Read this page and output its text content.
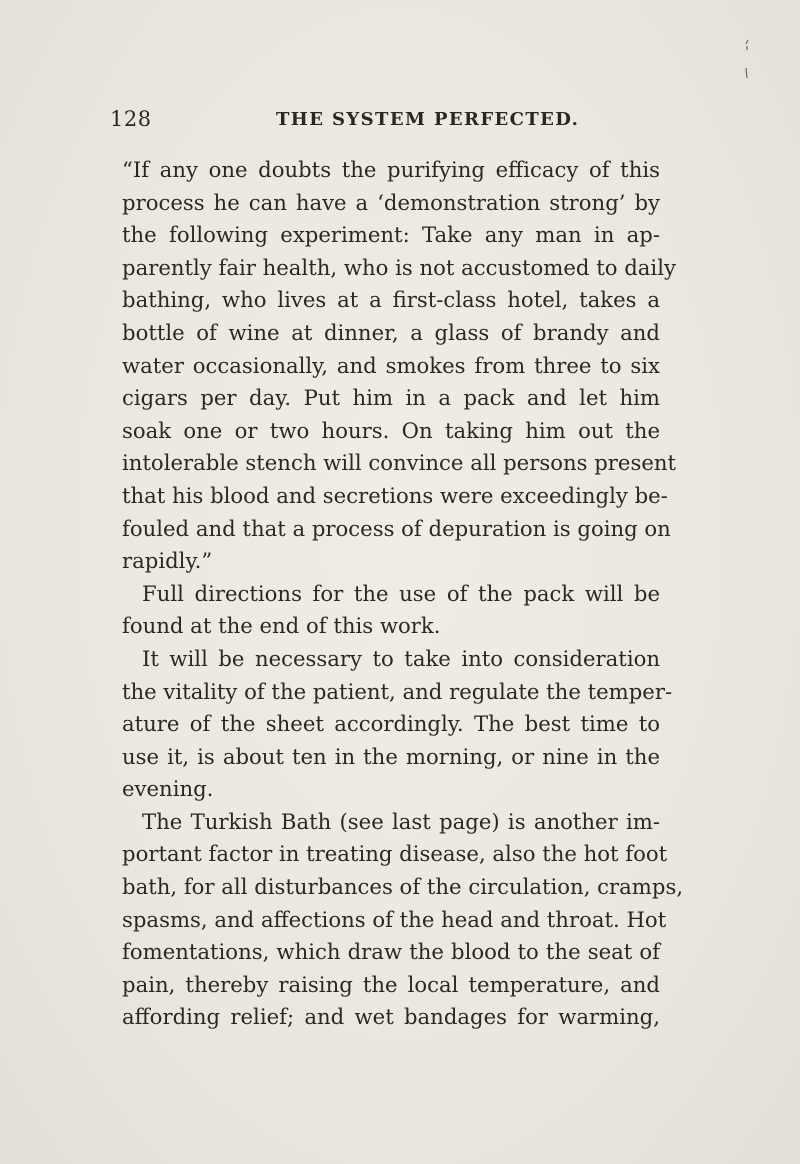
128	THE SYSTEM PERFECTED.
“If any one doubts the purifying efficacy of this
process he can have a ‘demonstration strong’ by
the following experiment: Take any man in ap-
parently fair health, who is not accustomed to daily
bathing, who lives at a first-class hotel, takes a
bottle of wine at dinner, a glass of brandy and
water occasionally, and smokes from three to six
cigars per day. Put him in a pack and let him
soak one or two hours. On taking him out the
intolerable stench will convince all persons present
that his blood and secretions were exceedingly be-
fouled and that a process of depuration is going on
rapidly.”
Full directions for the use of the pack will be
found at the end of this work.
It will be necessary to take into consideration
the vitality of the patient, and regulate the temper-
ature of the sheet accordingly. The best time to
use it, is about ten in the morning, or nine in the
evening.
The Turkish Bath (see last page) is another im-
portant factor in treating disease, also the hot foot
bath, for all disturbances of the circulation, cramps,
spasms, and affections of the head and throat. Hot
fomentations, which draw the blood to the seat of
pain, thereby raising the local temperature, and
affording relief; and wet bandages for warming,
